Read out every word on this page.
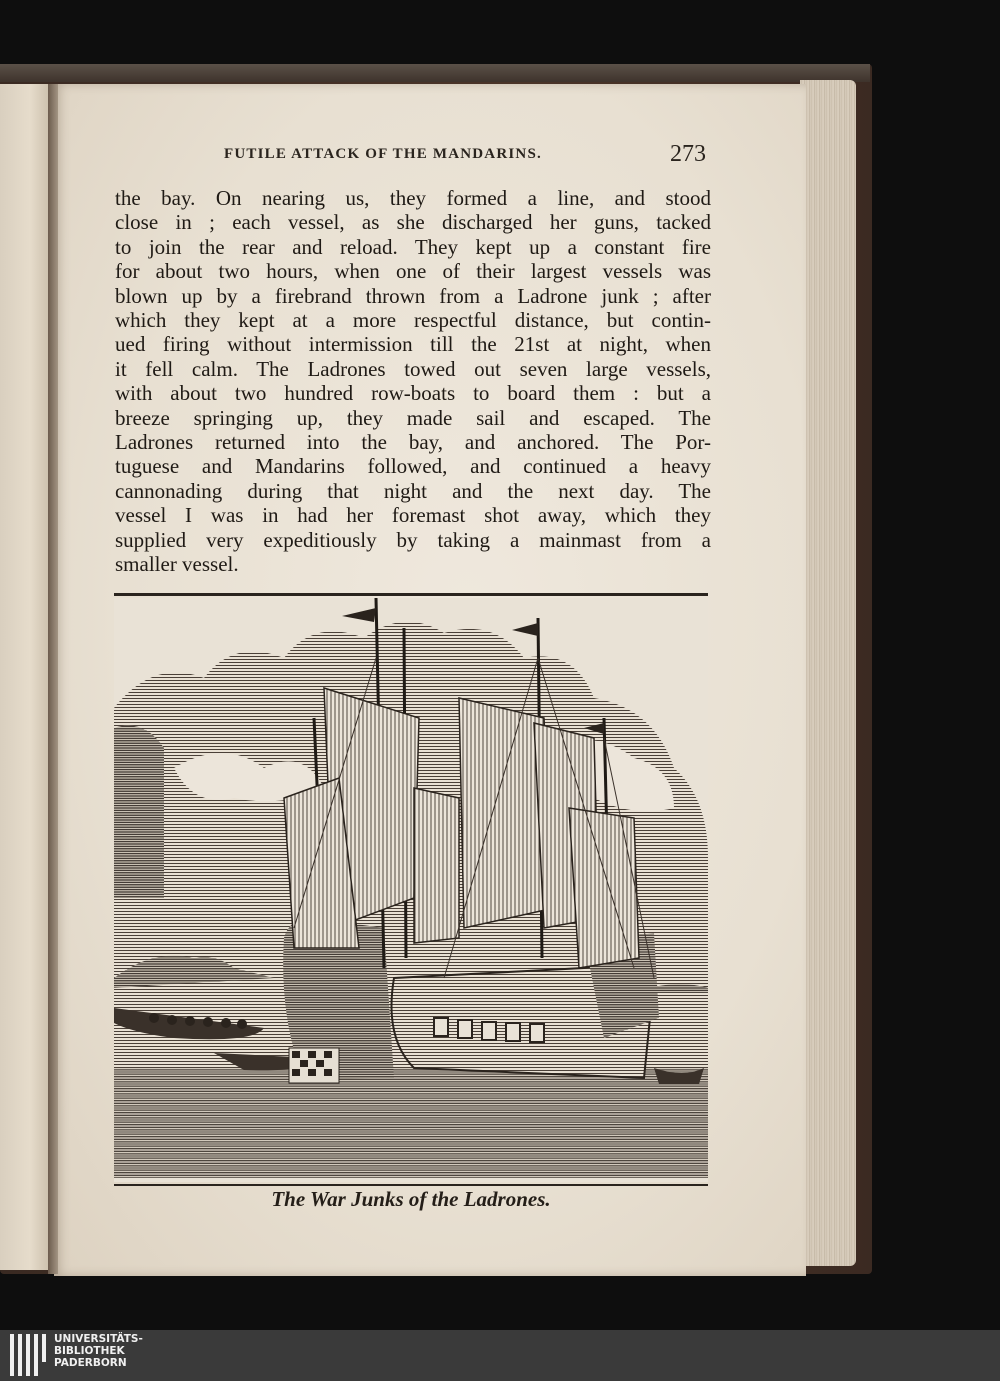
FUTILE ATTACK OF THE MANDARINS.	273
the bay. On nearing us, they formed a line, and stood
close in ; each vessel, as she discharged her guns, tacked
to join the rear and reload. They kept up a constant fire
for about two hours, when one of their largest vessels was
blown up by a firebrand thrown from a Ladrone junk ; after
which they kept at a more respectful distance, but contin-
ued firing without intermission till the 21st at night, when
it fell calm. The Ladrones towed out seven large vessels,
with about two hundred row-boats to board them : but a
breeze springing up, they made sail and escaped. The
Ladrones returned into the bay, and anchored. The Por-
tuguese and Mandarins followed, and continued a heavy
cannonading during that night and the next day. The
vessel I was in had her foremast shot away, which they
supplied very expeditiously by taking a mainmast from a
smaller vessel.
The War Junks of the Ladrones.
UNIVERSITÄTS-
BIBLIOTHEK
PADERBORN
